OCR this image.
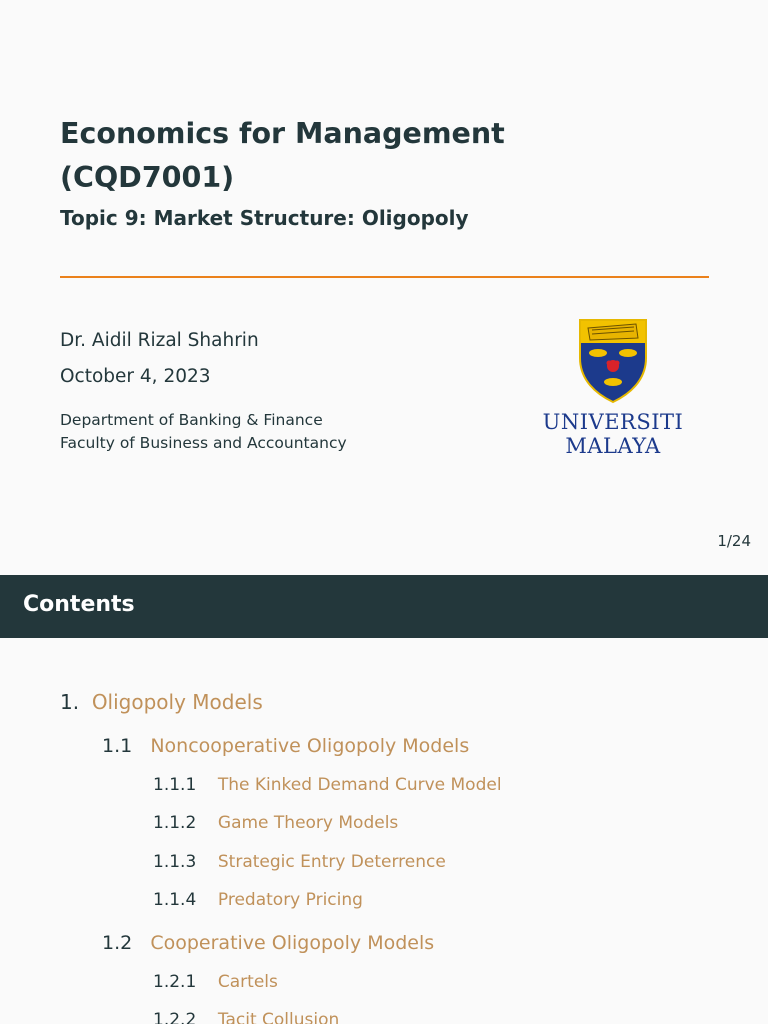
Economics for Management
(CQD7001)
Topic 9: Market Structure: Oligopoly
Dr. Aidil Rizal Shahrin
October 4, 2023
Department of Banking & Finance
Faculty of Business and Accountancy
UNIVERSITI
MALAYA
1/24
Contents
1. Oligopoly Models
1.1 Noncooperative Oligopoly Models
1.1.1 The Kinked Demand Curve Model
1.1.2 Game Theory Models
1.1.3 Strategic Entry Deterrence
1.1.4 Predatory Pricing
1.2 Cooperative Oligopoly Models
1.2.1 Cartels
1.2.2 Tacit Collusion
